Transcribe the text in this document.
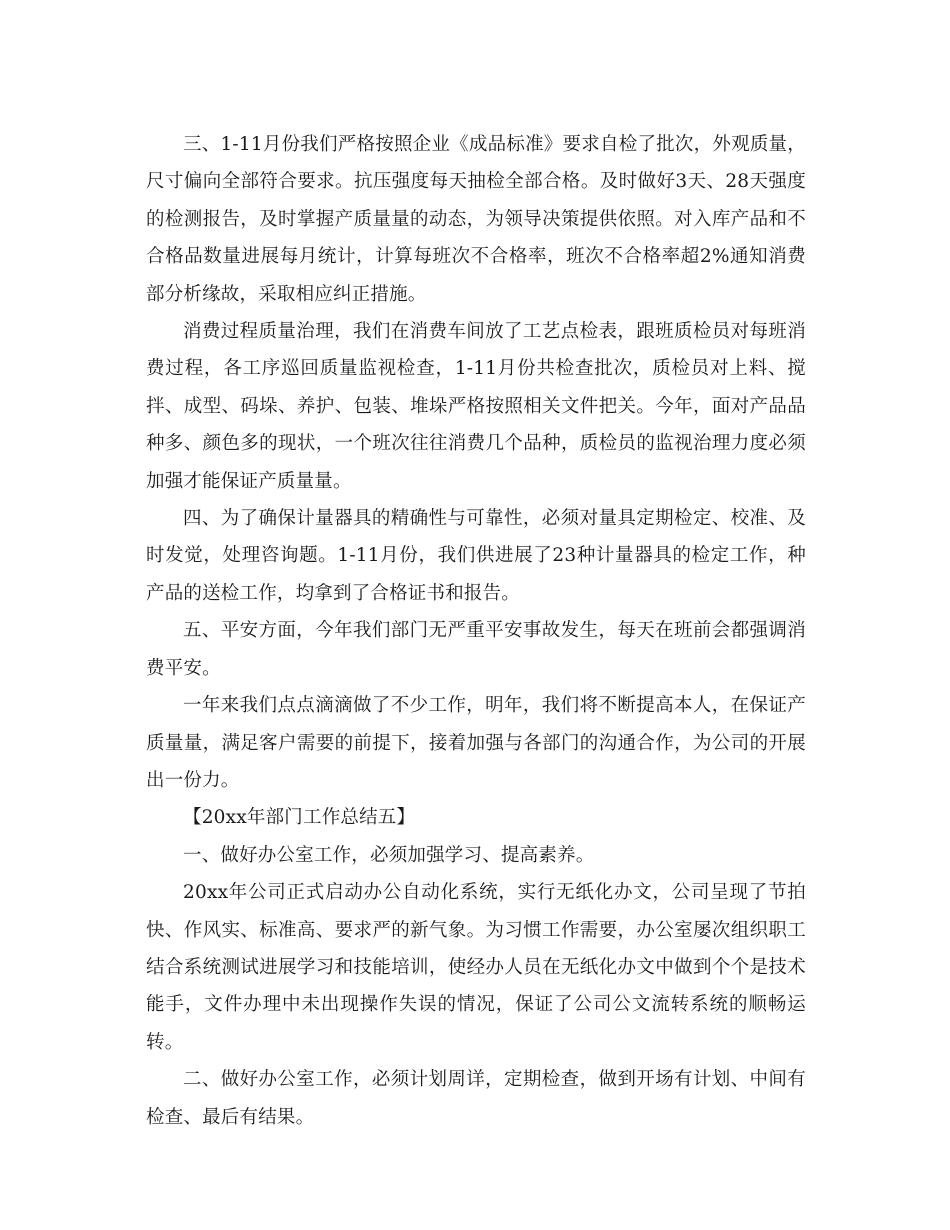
三、1-11月份我们严格按照企业《成品标准》要求自检了批次，外观质量，尺寸偏向全部符合要求。抗压强度每天抽检全部合格。及时做好3天、28天强度的检测报告，及时掌握产质量量的动态，为领导决策提供依照。对入库产品和不合格品数量进展每月统计，计算每班次不合格率，班次不合格率超2%通知消费部分析缘故，采取相应纠正措施。

消费过程质量治理，我们在消费车间放了工艺点检表，跟班质检员对每班消费过程，各工序巡回质量监视检查，1-11月份共检查批次，质检员对上料、搅拌、成型、码垛、养护、包装、堆垛严格按照相关文件把关。今年，面对产品品种多、颜色多的现状，一个班次往往消费几个品种，质检员的监视治理力度必须加强才能保证产质量量。

四、为了确保计量器具的精确性与可靠性，必须对量具定期检定、校准、及时发觉，处理咨询题。1-11月份，我们供进展了23种计量器具的检定工作，种产品的送检工作，均拿到了合格证书和报告。

五、平安方面，今年我们部门无严重平安事故发生，每天在班前会都强调消费平安。

一年来我们点点滴滴做了不少工作，明年，我们将不断提高本人，在保证产质量量，满足客户需要的前提下，接着加强与各部门的沟通合作，为公司的开展出一份力。

【20xx年部门工作总结五】

一、做好办公室工作，必须加强学习、提高素养。

20xx年公司正式启动办公自动化系统，实行无纸化办文，公司呈现了节拍快、作风实、标准高、要求严的新气象。为习惯工作需要，办公室屡次组织职工结合系统测试进展学习和技能培训，使经办人员在无纸化办文中做到个个是技术能手，文件办理中未出现操作失误的情况，保证了公司公文流转系统的顺畅运转。

二、做好办公室工作，必须计划周详，定期检查，做到开场有计划、中间有检查、最后有结果。
